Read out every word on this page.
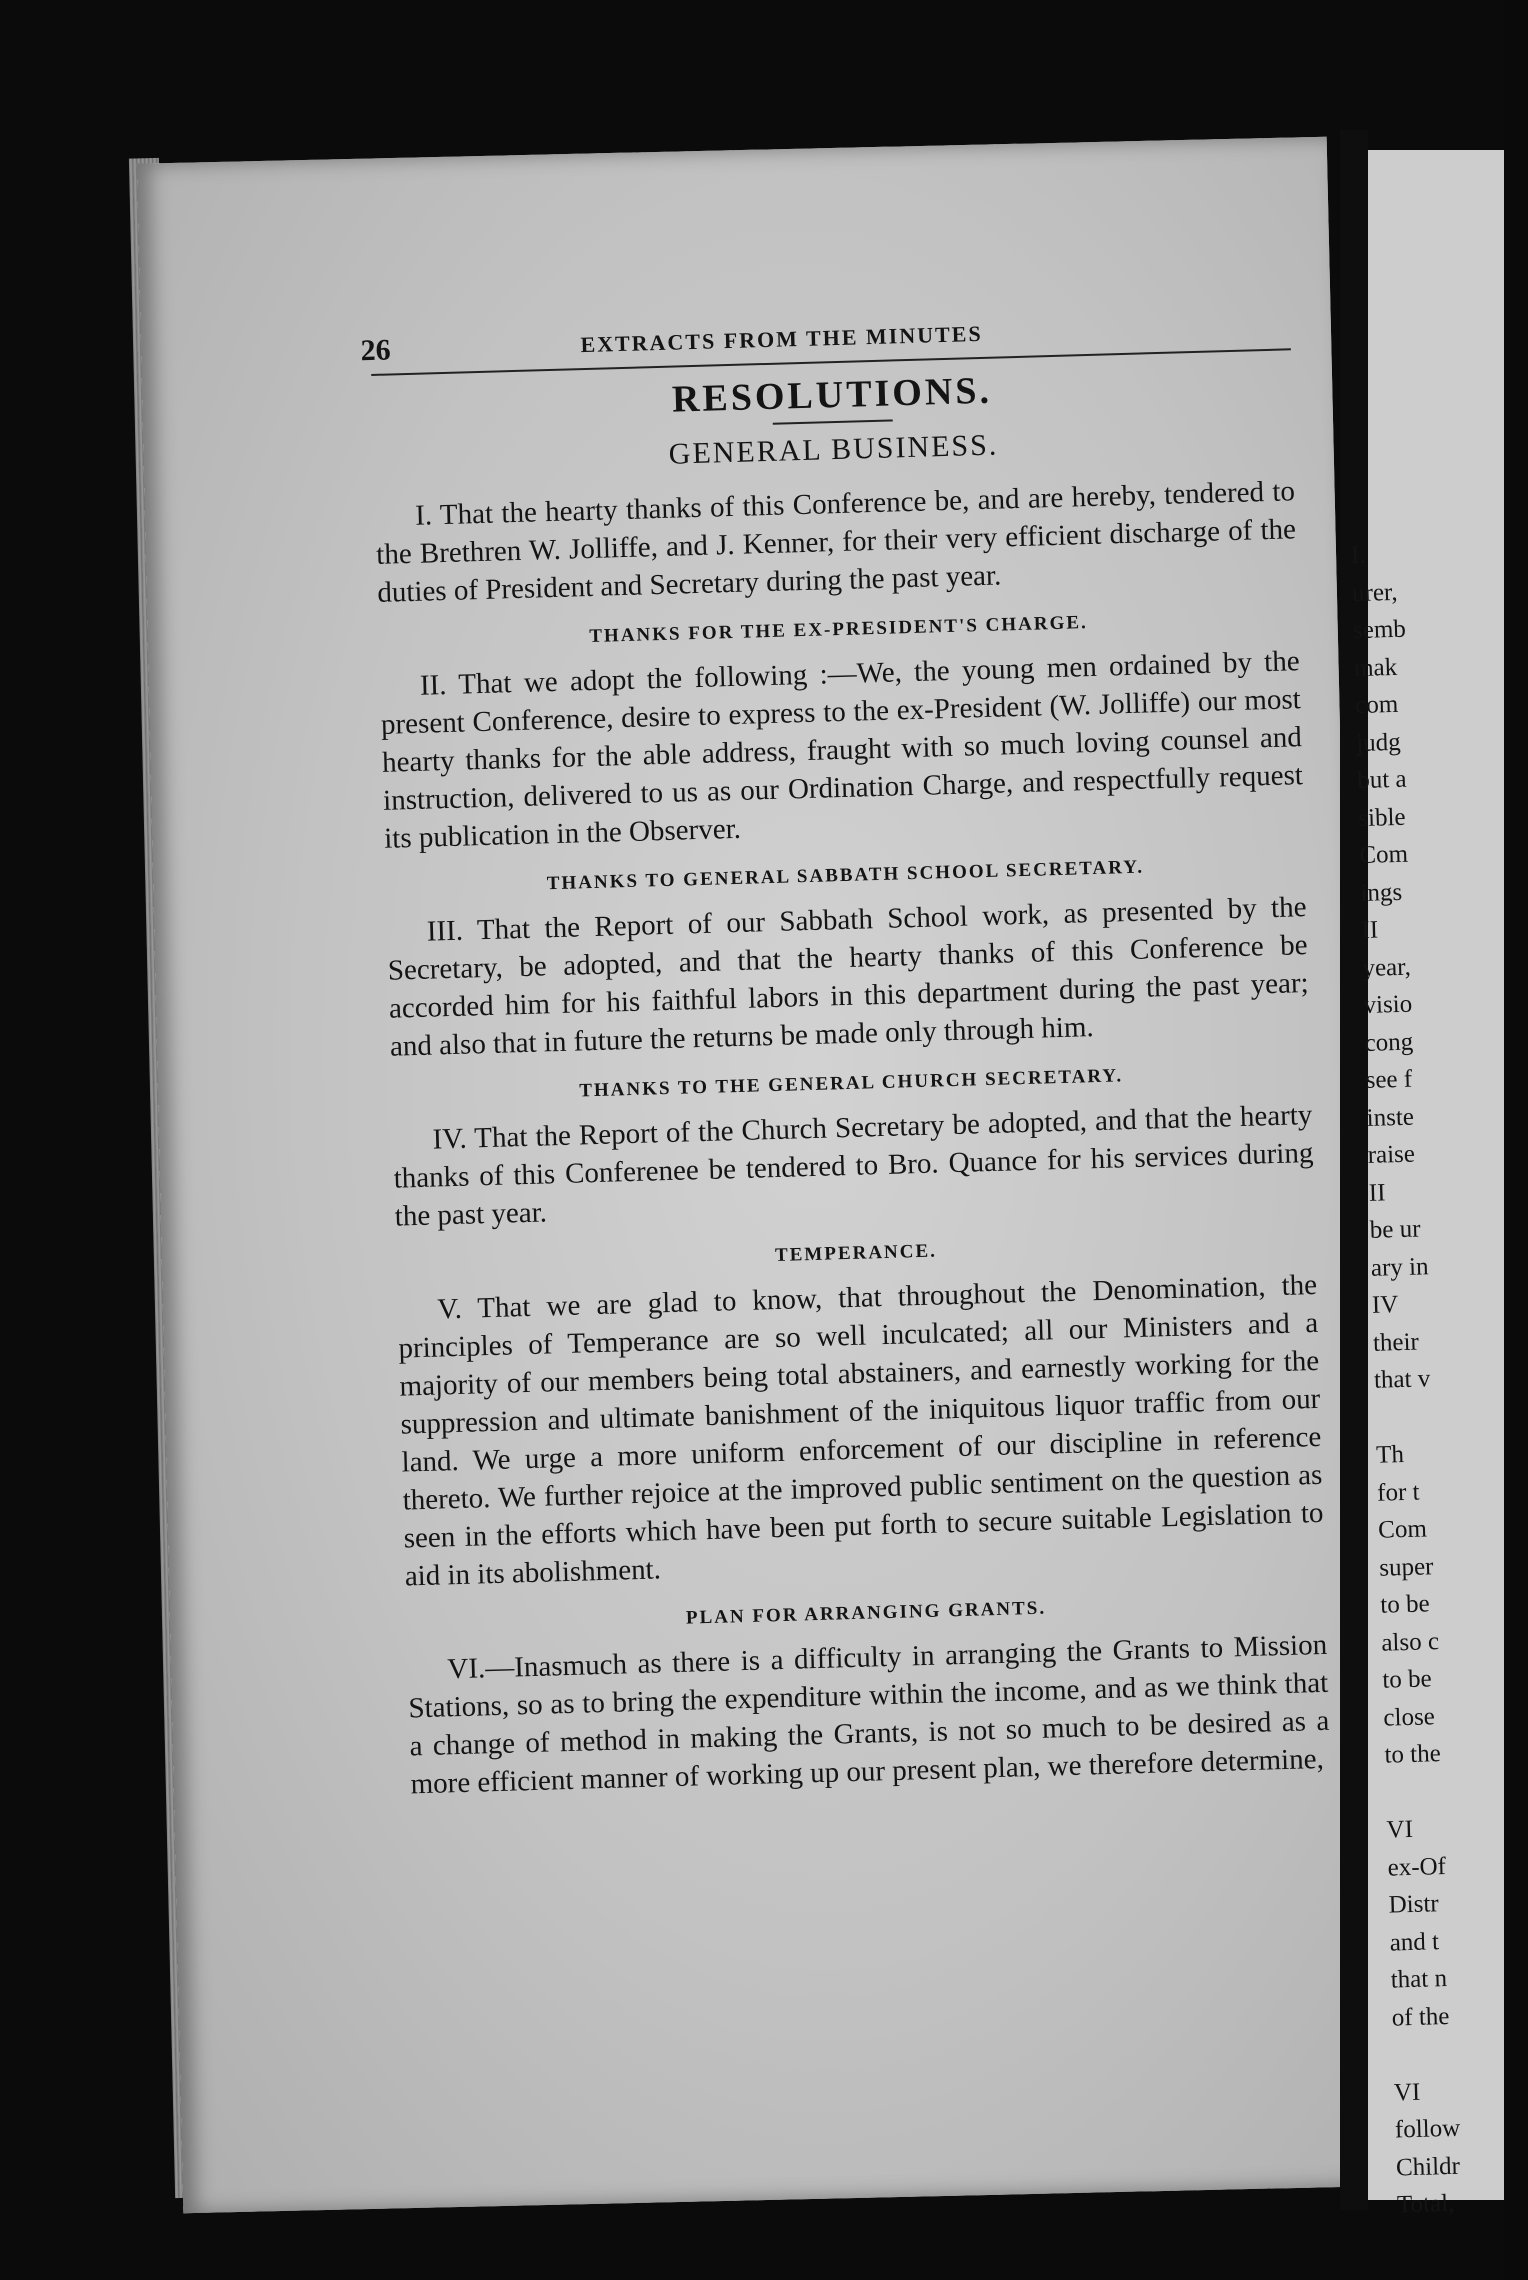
I.
urer,
semb
mak
com
judg
but a
sible
Com
ings
II
year,
visio
cong
see f
inste
raise
II
be ur
ary in
IV
their
that v
Th
for t
Com
super
to be
also c
to be
close
to the
VI
ex-Of
Distr
and t
that n
of the
VI
follow
Childr
Total,
26	EXTRACTS FROM THE MINUTES
RESOLUTIONS.
GENERAL BUSINESS.

I. That the hearty thanks of this Conference be, and are hereby, tendered to the Brethren W. Jolliffe, and J. Kenner, for their very efficient discharge of the duties of President and Secretary during the past year.

THANKS FOR THE EX-PRESIDENT'S CHARGE.

II. That we adopt the following :—We, the young men ordained by the present Conference, desire to express to the ex-President (W. Jolliffe) our most hearty thanks for the able address, fraught with so much loving counsel and instruction, delivered to us as our Ordination Charge, and respectfully request its publication in the Observer.

THANKS TO GENERAL SABBATH SCHOOL SECRETARY.

III. That the Report of our Sabbath School work, as presented by the Secretary, be adopted, and that the hearty thanks of this Conference be accorded him for his faithful labors in this department during the past year; and also that in future the returns be made only through him.

THANKS TO THE GENERAL CHURCH SECRETARY.

IV. That the Report of the Church Secretary be adopted, and that the hearty thanks of this Conferenee be tendered to Bro. Quance for his services during the past year.

TEMPERANCE.

V. That we are glad to know, that throughout the Denomination, the principles of Temperance are so well inculcated; all our Ministers and a majority of our members being total abstainers, and earnestly working for the suppression and ultimate banishment of the iniquitous liquor traffic from our land. We urge a more uniform enforcement of our discipline in reference thereto. We further rejoice at the improved public sentiment on the question as seen in the efforts which have been put forth to secure suitable Legislation to aid in its abolishment.

PLAN FOR ARRANGING GRANTS.

VI.—Inasmuch as there is a difficulty in arranging the Grants to Mission Stations, so as to bring the expenditure within the income, and as we think that a change of method in making the Grants, is not so much to be desired as a more efficient manner of working up our present plan, we therefore determine,
